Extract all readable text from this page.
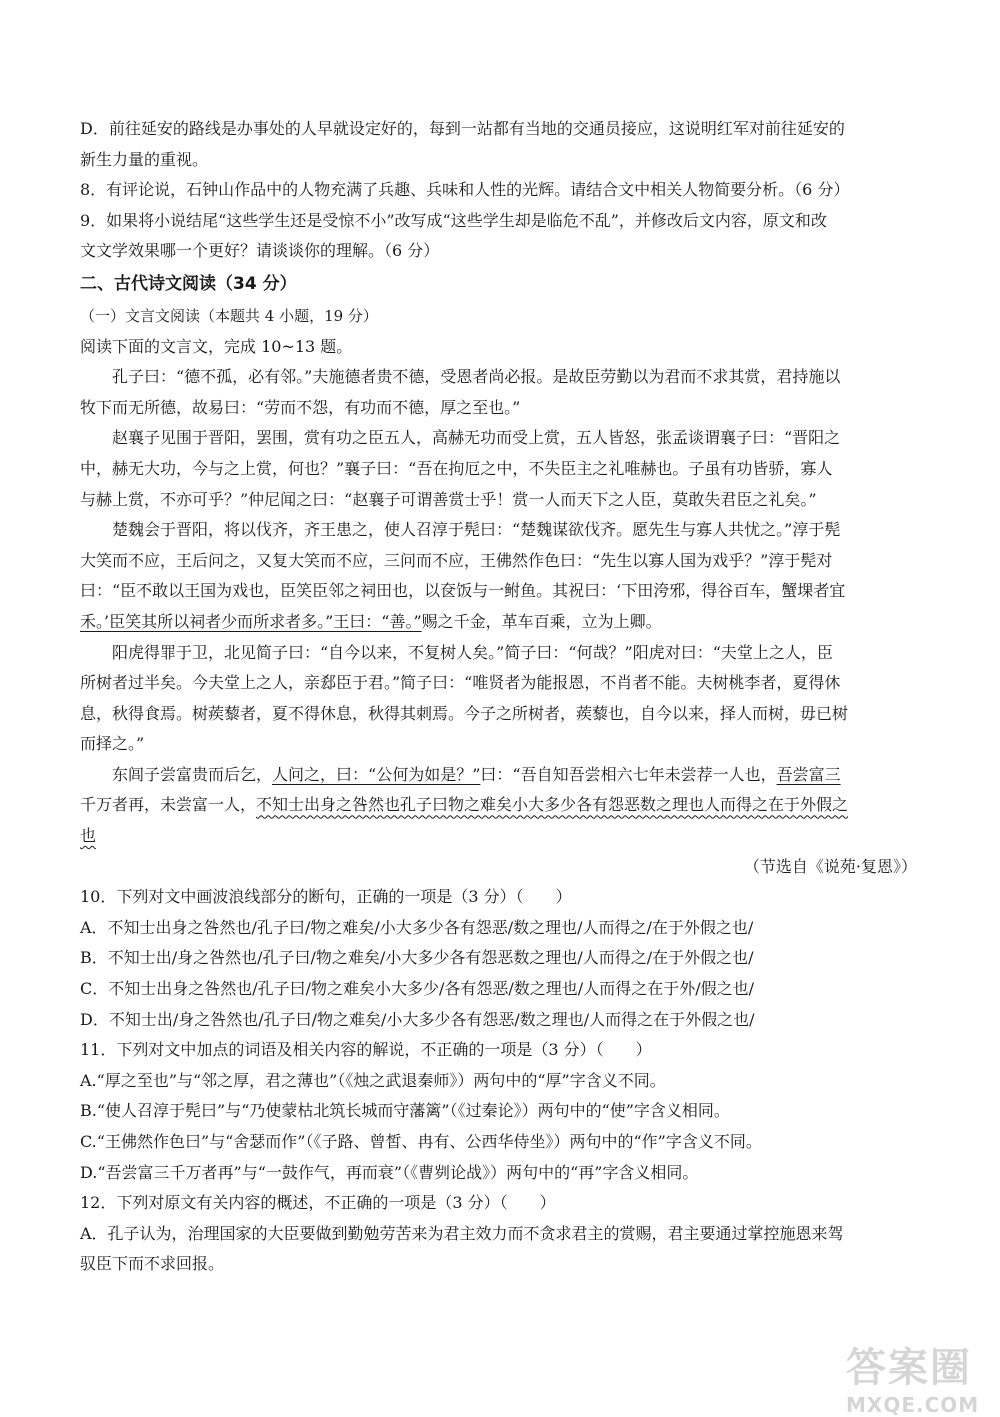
D．前往延安的路线是办事处的人早就设定好的，每到一站都有当地的交通员接应，这说明红军对前往延安的
新生力量的重视。
8．有评论说，石钟山作品中的人物充满了兵趣、兵味和人性的光辉。请结合文中相关人物简要分析。（6 分）
9．如果将小说结尾“这些学生还是受惊不小”改写成“这些学生却是临危不乱”，并修改后文内容，原文和改
文文学效果哪一个更好？请谈谈你的理解。（6 分）
二、古代诗文阅读（34 分）
（一）文言文阅读（本题共 4 小题，19 分）
阅读下面的文言文，完成 10~13 题。
孔子曰：“德不孤，必有邻。”夫施德者贵不德，受恩者尚必报。是故臣劳勤以为君而不求其赏，君持施以
牧下而无所德，故易曰：“劳而不怨，有功而不德，厚之至也。”
赵襄子见围于晋阳，罢围，赏有功之臣五人，高赫无功而受上赏，五人皆怒，张孟谈谓襄子曰：“晋阳之
中，赫无大功，今与之上赏，何也？”襄子曰：“吾在拘厄之中，不失臣主之礼唯赫也。子虽有功皆骄，寡人
与赫上赏，不亦可乎？”仲尼闻之曰：“赵襄子可谓善赏士乎！赏一人而天下之人臣，莫敢失君臣之礼矣。”
楚魏会于晋阳，将以伐齐，齐王患之，使人召淳于髡曰：“楚魏谋欲伐齐。愿先生与寡人共忧之。”淳于髡
大笑而不应，王后问之，又复大笑而不应，三问而不应，王佛然作色曰：“先生以寡人国为戏乎？”淳于髡对
曰：“臣不敢以王国为戏也，臣笑臣邻之祠田也，以奁饭与一鲋鱼。其祝曰：‘下田洿邪，得谷百车，蟹堁者宜
禾。’臣笑其所以祠者少而所求者多。”王曰：“善。”赐之千金，革车百乘，立为上卿。
阳虎得罪于卫，北见简子曰：“自今以来，不复树人矣。”简子曰：“何哉？”阳虎对曰：“夫堂上之人，臣
所树者过半矣。今夫堂上之人，亲郄臣于君。”简子曰：“唯贤者为能报恩，不肖者不能。夫树桃李者，夏得休
息，秋得食焉。树蒺藜者，夏不得休息，秋得其刺焉。今子之所树者，蒺藜也，自今以来，择人而树，毋已树
而择之。”
东闾子尝富贵而后乞，人问之，曰：“公何为如是？”曰：“吾自知吾尝相六七年未尝荐一人也，吾尝富三
千万者再，未尝富一人，不知士出身之咎然也孔子曰物之难矣小大多少各有怨恶数之理也人而得之在于外假之
也
（节选自《说苑·复恩》）
10．下列对文中画波浪线部分的断句，正确的一项是（3 分）（　　）
A．不知士出身之咎然也/孔子曰/物之难矣/小大多少各有怨恶/数之理也/人而得之/在于外假之也/
B．不知士出/身之咎然也/孔子曰/物之难矣/小大多少各有怨恶数之理也/人而得之/在于外假之也/
C．不知士出身之咎然也/孔子曰/物之难矣小大多少/各有怨恶/数之理也/人而得之在于外/假之也/
D．不知士出/身之咎然也/孔子曰/物之难矣/小大多少各有怨恶/数之理也/人而得之在于外假之也/
11．下列对文中加点的词语及相关内容的解说，不正确的一项是（3 分）（　　）
A.“厚之至也”与“邻之厚，君之薄也”（《烛之武退秦师》）两句中的“厚”字含义不同。
B.“使人召淳于髡曰”与“乃使蒙枯北筑长城而守藩篱”（《过秦论》）两句中的“使”字含义相同。
C.“王佛然作色曰”与“舍瑟而作”（《子路、曾皙、冉有、公西华侍坐》）两句中的“作”字含义不同。
D.“吾尝富三千万者再”与“一鼓作气，再而衰”（《曹刿论战》）两句中的“再”字含义相同。
12．下列对原文有关内容的概述，不正确的一项是（3 分）（　　）
A．孔子认为，治理国家的大臣要做到勤勉劳苦来为君主效力而不贪求君主的赏赐，君主要通过掌控施恩来驾
驭臣下而不求回报。
答案圈
MXQE.COM
